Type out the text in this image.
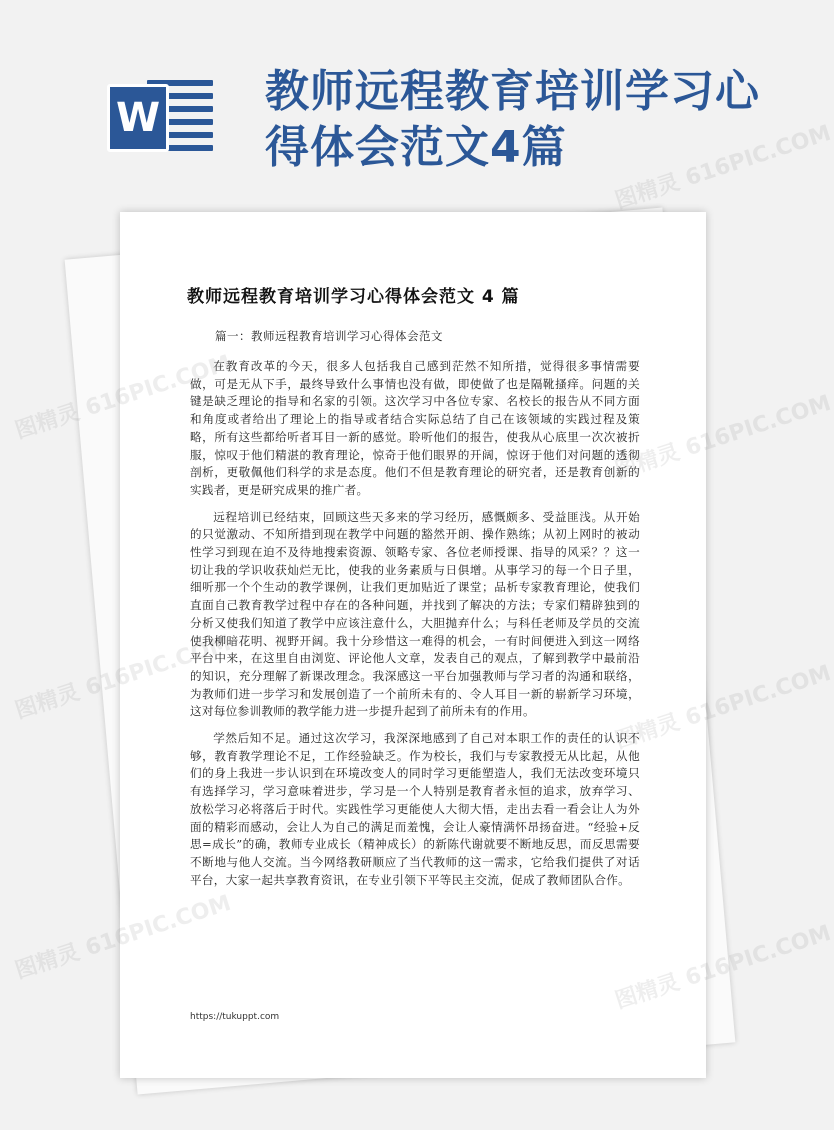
W
教师远程教育培训学习心得体会范文4篇
教师远程教育培训学习心得体会范文 4 篇

篇一：教师远程教育培训学习心得体会范文

在教育改革的今天，很多人包括我自己感到茫然不知所措，觉得很多事情需要做，可是无从下手，最终导致什么事情也没有做，即使做了也是隔靴搔痒。问题的关键是缺乏理论的指导和名家的引领。这次学习中各位专家、名校长的报告从不同方面和角度或者给出了理论上的指导或者结合实际总结了自己在该领域的实践过程及策略，所有这些都给听者耳目一新的感觉。聆听他们的报告，使我从心底里一次次被折服，惊叹于他们精湛的教育理论，惊奇于他们眼界的开阔，惊讶于他们对问题的透彻剖析，更敬佩他们科学的求是态度。他们不但是教育理论的研究者，还是教育创新的实践者，更是研究成果的推广者。

远程培训已经结束，回顾这些天多来的学习经历，感慨颇多、受益匪浅。从开始的只觉激动、不知所措到现在教学中问题的豁然开朗、操作熟练；从初上网时的被动性学习到现在迫不及待地搜索资源、领略专家、各位老师授课、指导的风采？？这一切让我的学识收获灿烂无比，使我的业务素质与日俱增。从事学习的每一个日子里，细听那一个个生动的教学课例，让我们更加贴近了课堂；品析专家教育理论，使我们直面自己教育教学过程中存在的各种问题，并找到了解决的方法；专家们精辟独到的分析又使我们知道了教学中应该注意什么，大胆抛弃什么；与科任老师及学员的交流使我柳暗花明、视野开阔。我十分珍惜这一难得的机会，一有时间便进入到这一网络平台中来，在这里自由浏览、评论他人文章，发表自己的观点，了解到教学中最前沿的知识，充分理解了新课改理念。我深感这一平台加强教师与学习者的沟通和联络，为教师们进一步学习和发展创造了一个前所未有的、令人耳目一新的崭新学习环境，这对每位参训教师的教学能力进一步提升起到了前所未有的作用。

学然后知不足。通过这次学习，我深深地感到了自己对本职工作的责任的认识不够，教育教学理论不足，工作经验缺乏。作为校长，我们与专家教授无从比起，从他们的身上我进一步认识到在环境改变人的同时学习更能塑造人，我们无法改变环境只有选择学习，学习意味着进步，学习是一个人特别是教育者永恒的追求，放弃学习、放松学习必将落后于时代。实践性学习更能使人大彻大悟，走出去看一看会让人为外面的精彩而感动，会让人为自己的满足而羞愧，会让人豪情满怀昂扬奋进。“经验+反思=成长”的确，教师专业成长（精神成长）的新陈代谢就要不断地反思，而反思需要不断地与他人交流。当今网络教研顺应了当代教师的这一需求，它给我们提供了对话平台，大家一起共享教育资讯，在专业引领下平等民主交流，促成了教师团队合作。

https://tukuppt.com

图精灵 616PIC.COM
图精灵	图精灵 616PIC.COM
图精灵	图精灵 616PIC.COM
图精灵	616PIC.COM
